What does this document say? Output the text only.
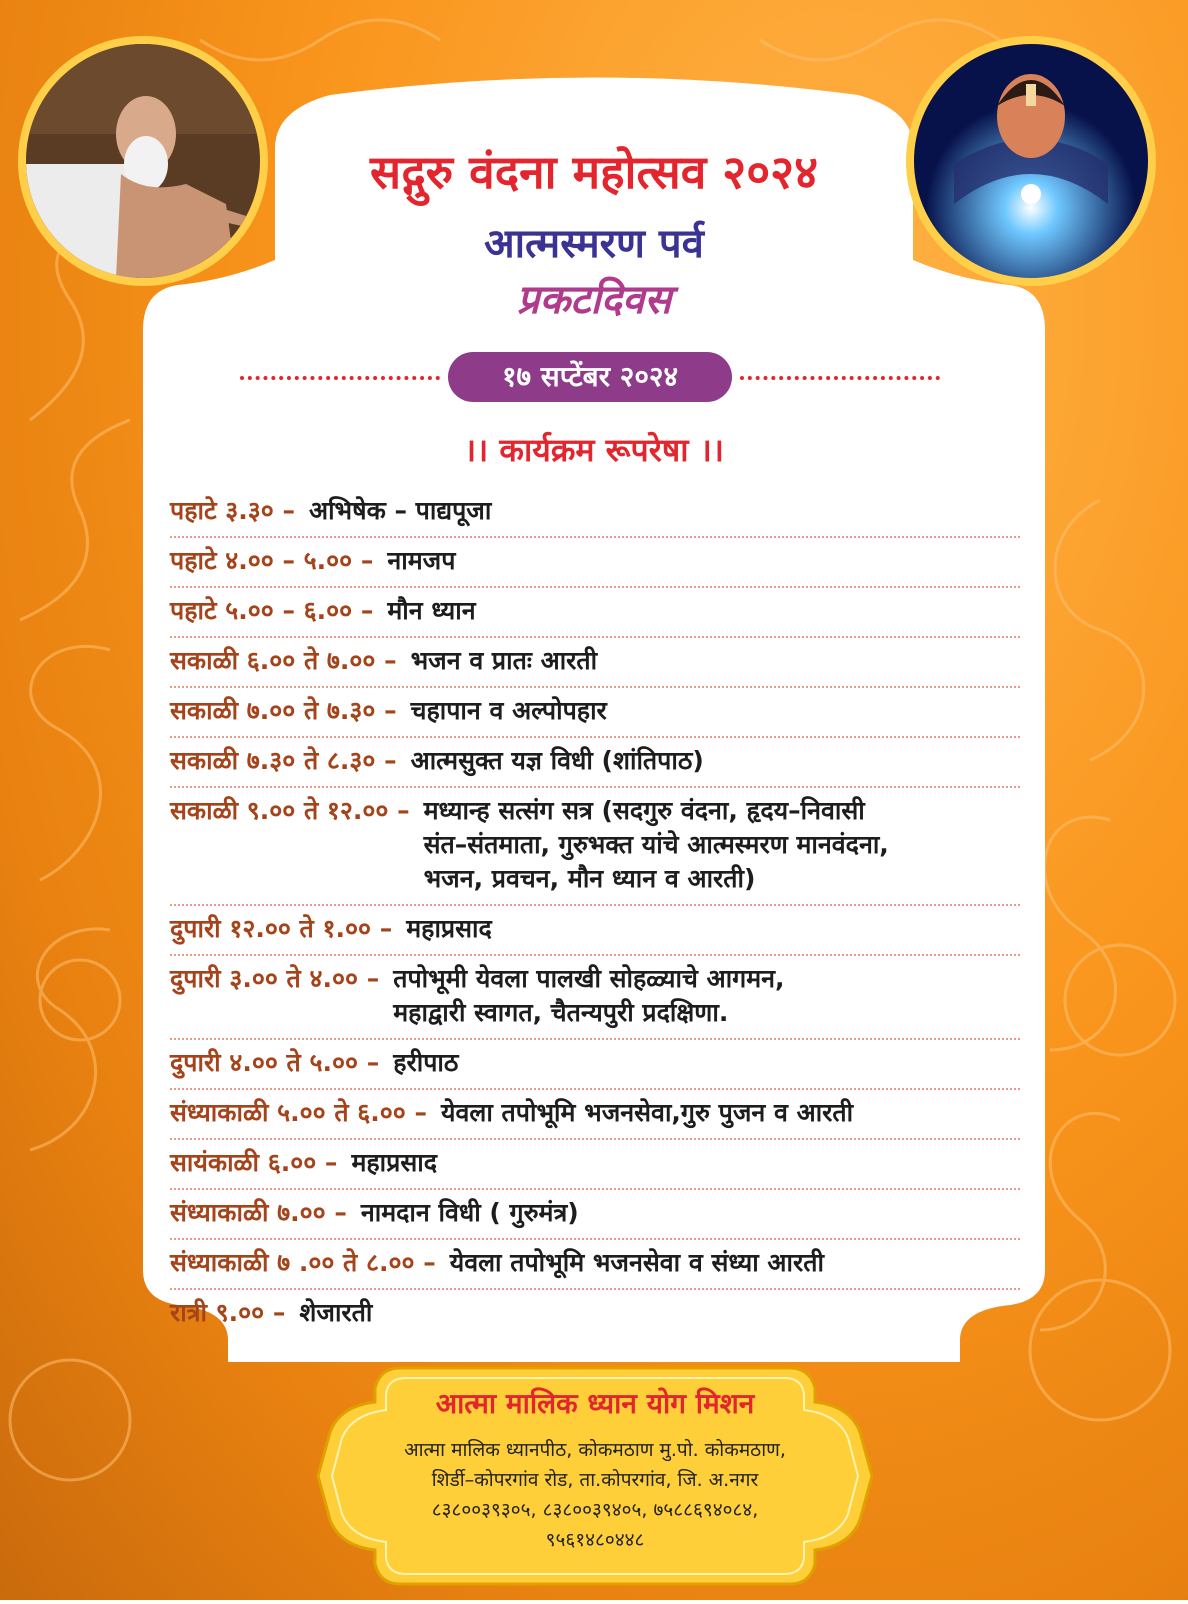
सद्गुरु वंदना महोत्सव २०२४
आत्मस्मरण पर्व
प्रकटदिवस
१७ सप्टेंबर २०२४
।। कार्यक्रम रूपरेषा ।।
पहाटे ३.३० – अभिषेक – पाद्यपूजा
पहाटे ४.०० – ५.०० – नामजप
पहाटे ५.०० – ६.०० – मौन ध्यान
सकाळी ६.०० ते ७.०० – भजन व प्रातः आरती
सकाळी ७.०० ते ७.३० – चहापान व अल्पोपहार
सकाळी ७.३० ते ८.३० – आत्मसुक्त यज्ञ विधी (शांतिपाठ)
सकाळी ९.०० ते १२.०० – मध्यान्ह सत्संग सत्र (सदगुरु वंदना, हृदय–निवासी
संत–संतमाता, गुरुभक्त यांचे आत्मस्मरण मानवंदना,
भजन, प्रवचन, मौन ध्यान व आरती)
दुपारी १२.०० ते १.०० – महाप्रसाद
दुपारी ३.०० ते ४.०० – तपोभूमी येवला पालखी सोहळ्याचे आगमन,
महाद्वारी स्वागत, चैतन्यपुरी प्रदक्षिणा.
दुपारी ४.०० ते ५.०० – हरीपाठ
संध्याकाळी ५.०० ते ६.०० – येवला तपोभूमि भजनसेवा,गुरु पुजन व आरती
सायंकाळी ६.०० – महाप्रसाद
संध्याकाळी ७.०० – नामदान विधी ( गुरुमंत्र)
संध्याकाळी ७ .०० ते ८.०० – येवला तपोभूमि भजनसेवा व संध्या आरती
रात्री ९.०० – शेजारती
आत्मा मालिक ध्यान योग मिशन
आत्मा मालिक ध्यानपीठ, कोकमठाण मु.पो. कोकमठाण,
शिर्डी–कोपरगांव रोड, ता.कोपरगांव, जि. अ.नगर
८३८००३९३०५, ८३८००३९४०५, ७५८८६९४०८४,
९५६१४८०४४८
